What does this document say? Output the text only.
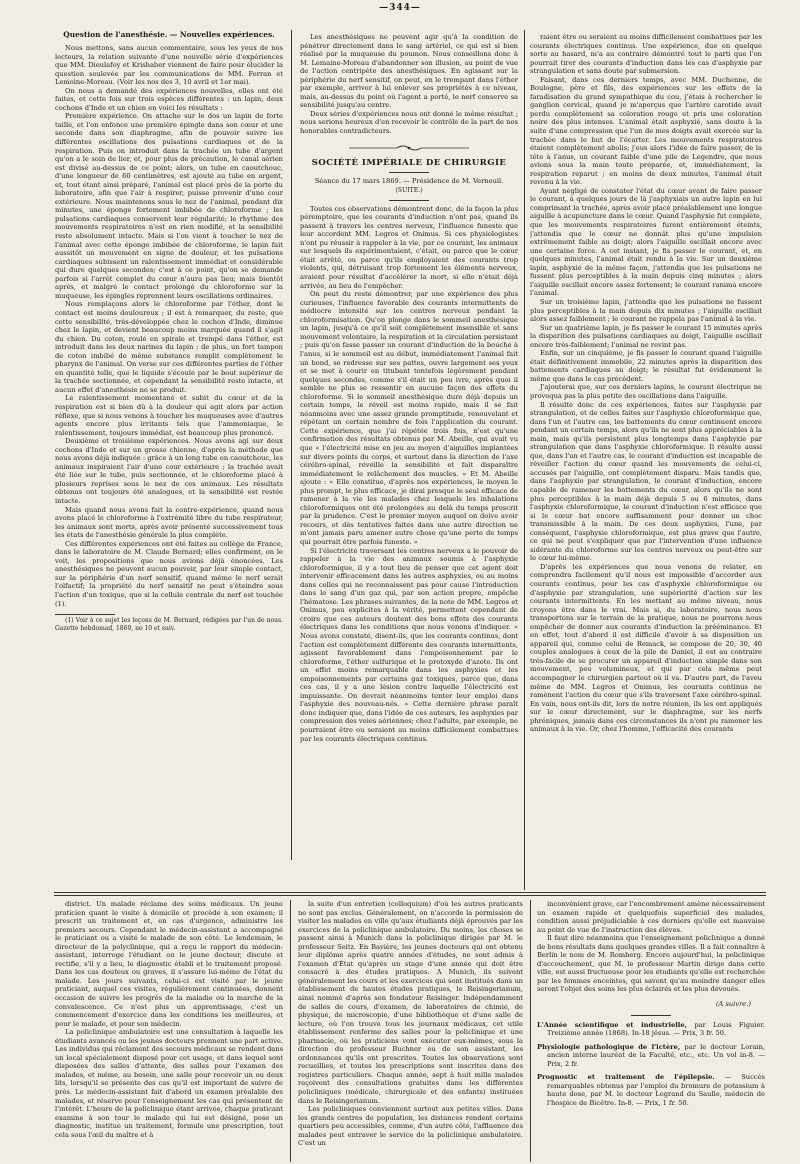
—344—
Question de l'anesthésie. — Nouvelles expériences.

Nous mettons, sans aucun commentaire, sous les yeux de nos lecteurs, la relation suivante d'une nouvelle série d'expériences que MM. Dieulafoy et Krishaber viennent de faire pour élucider la question soulevée par les communications de MM. Ferran et Lemoine-Moreau. (Voir les nos des 3, 10 avril et 1er mai).

On nous a demandé des expériences nouvelles, elles ont été faites, et cette fois sur trois espèces différentes : un lapin, deux cochons d'Inde et un chien en voici les résultats :

Première expérience. On attache sur le dos un lapin de forte taille, et l'on enfonce une première épingle dans son cœur et une seconde dans son diaphragme, afin de pouvoir suivre les différentes oscillations des pulsations cardiaques et de la respiration. Puis on introduit dans la trachée un tube d'argent qu'on a le soin de lier, et, pour plus de précaution, le canal aérien est divisé au-dessus de ce point; alors, un tube en caoutchouc, d'une longueur de 60 centimètres, est ajouté au tube en argent, et, tout étant ainsi préparé, l'animal est placé près de la porte du laboratoire, afin que l'air à respirer, puisse provenir d'une cour extérieure. Nous maintenons sous le nez de l'animal, pendant dix minutes, une éponge fortement imbibée de chloroforme ; les pulsations cardiaques conservent leur régularité; le rhythme des mouvements respiratoires n'est en rien modifié, et la sensibilité reste absolument intacte. Mais si l'on vient à toucher le nez de l'animal avec cette éponge imbibée de chloroforme, le lapin fait aussitôt un mouvement en signe de douleur, et les pulsations cardiaques subissent un ralentissement immédiat et considérable qui dure quelques secondes; c'est à ce point, qu'on se demande parfois si l'arrêt complet du cœur n'aura pas lieu; mais bientôt après, et malgré le contact prolongé du chloroforme sur la muqueuse, les épingles reprennent leurs oscillations ordinaires.

Nous remplaçons alors le chloroforme par l'éther, dont le contact est moins douloureux ; il est à remarquer, du reste, que cette sensibilité, très-développée chez le cochon d'Inde, diminue chez le lapin, et devient beaucoup moins marquée quand il s'agit du chien. Du coton, roulé en spirale et trempé dans l'éther, est introduit dans les deux narines du lapin ; de plus, un fort tampon de coton imbibé de même substance remplit complètement le pharynx de l'animal. On verse sur ces différentes parties de l'éther en quantité telle, que le liquide s'écoule par le bout supérieur de la trachée sectionnée, et cependant la sensibilité reste intacte, et aucun effet d'anesthésie ne se produit.

Le ralentissement momentané et subit du cœur et de la respiration est si bien dû à la douleur qui agit alors par action réflexe, que si nous venons à toucher les muqueuses avec d'autres agents encore plus irritants tels que l'ammoniaque, le ralentissement, toujours immédiat, est beaucoup plus prononcé.

Deuxième et troisième expériences. Nous avons agi sur deux cochons d'Inde et sur un grosse chienne, d'après la méthode que nous avons déjà indiquée : grâce à un long tube en caoutchouc, les animaux inspiraient l'air d'une cour extérieure ; la trachée avait été liée sur le tube, puis sectionnée, et le chloroforme placé à plusieurs reprises sous le nez de ces animaux. Les résultats obtenus ont toujours été analogues, et la sensibilité est restée intacte.

Mais quand nous avons fait la contre-expérience, quand nous avons placé le chloroforme à l'extrémité libre du tube respirateur, les animaux sont morts, après avoir présenté successivement tous les états de l'anesthésie générale la plus complète.

Ces différentes expériences ont été faites au collège de France, dans le laboratoire de M. Claude Bernard; elles confirment, on le voit, les propositions que nous avions déjà énoncées. Les anesthésiques ne peuvent aucun pouvoir, par leur simple contact, sur la périphérie d'un nerf sensitif, quand même le nerf serait l'olfactif; la propriété du nerf sensitif ne peut s'éteindre sous l'action d'un toxique, que si la cellule centrale du nerf est touchée (1).

(1) Voir à ce sujet les leçons de M. Bernard, rédigées par l'un de nous. Gazette hebdomad, 1869, no 10 et suiv.

Les anesthésiques ne peuvent agir qu'à la condition de pénétrer directement dans le sang artériel, ce qui est si bien réalisé par la muqueuse du poumon. Nous conseillons donc à M. Lemaine-Moreau d'abandonner son illusion, au point de vue de l'action centripète des anesthésiques. En agissant sur la périphérie du nerf sensitif, on peut, en le trempant dans l'éther par exemple, arriver à lui enlever ses propriétés à ce niveau, mais, au-dessus du point où l'agent a porté, le nerf conserve sa sensibilité jusqu'au centre.

Deux séries d'expériences nous ont donné le même résultat ; nous serions heureux d'en recevoir le contrôle de la part de nos honorables contradicteurs.

SOCIÉTÉ IMPÉRIALE DE CHIRURGIE

Séance du 17 mars 1869. — Présidence de M. Verneuil.

(SUITE.)

Toutes ces observations démontrent donc, de la façon la plus péremptoire, que les courants d'induction n'ont pas, quand ils passent à travers les centres nerveux, l'influence funeste que leur accordent MM. Legros et Onimus. Si ces physiologistes n'ont pu réussir à rappeler à la vie, par ce courant, les animaux sur lesquels ils expérimentaient, c'était, ou parce que le cœur était arrêté, ou parce qu'ils employaient des courants trop violents, qui, détruisant trop fortement les éléments nerveux, avaient pour résultat d'accélérer la mort, si elle n'était déjà arrivée, au lieu de l'empêcher.

On peut du reste démontrer, par une expérience des plus curieuses, l'influence favorable des courants intermittents de médiocre intensité sur les centres nerveux pendant la chloroformisation. Qu'on plonge dans le sommeil anesthésique un lapin, jusqu'à ce qu'il soit complètement insensible et sans mouvement volontaire, la respiration et la circulation persistant ; puis qu'on fasse passer un courant d'induction de la bouche à l'anus, si le sommeil est au début, immédiatement l'animal fait un bond, se redresse sur ses pattes, ouvre largement ses yeux et se met à courir en titubant tontefois légèrement pendant quelques secondes, comme s'il était un peu ivre, après quoi il semble ne plus se ressentir en aucune façon des effets du chloroforme. Si le sommeil anesthésique dure déjà depuis un certain temps, le réveil est moins rapide, mais il se fait néanmoins avec une assez grande promptitude, renouvelant et répétant un certain nombre de fois l'application du courant. Cette expérience, que j'ai répétée trois fois, n'est qu'une confirmation des résultats obtenus par M. Abeille, qui avait vu que « l'électricité mise en jeu au moyen d'aiguilles implantées sur divers points du corps, et surtout dans la direction de l'axe cérébro-spinal, réveille la sensibilité et fait disparaître immédiatement le relâchement des muscles. » Et M. Abeille ajoute : « Elle constitue, d'après nos expériences, le moyen le plus prompt, le plus efficace, je dirai presque le seul efficace de ramener à la vie les malades chez lesquels les inhalations chloroformiques ont été prolongées au delà du temps prescrit par la prudence. C'est le premier moyen auquel on doive avoir recours, et dès tentatives faites dans une autre direction ne m'ont jamais paru amener autre chose qu'une perte de temps qui pourrait être parfois funeste. »

Si l'électricité traversant les centres nerveux a le pouvoir de rappeler à la vie des animaux soumis à l'asphyxie chloroformique, il y a tout lieu de penser que cet agent doit intervenir efficacement dans les autres asphyxies, ou au moins dans celles qui ne reconnaissent pas pour cause l'introduction dans le sang d'un gaz qui, par son action propre, empêche l'hématose. Les phrases suivantes, de la note de MM. Legros et Onimus, peu explicites à la vérité, permettent cependant de croire que ces auteurs doutent des bons effets des courants électriques dans les conditions que nous venons d'indiquer. « Nous avons constaté, disent-ils, que les courants continus, dont l'action est complètement différente des courants intermittents, agissent favorablement dans l'empoisonnement par le chloroforme, l'éther sulfurique et le protoxyde d'azote. Ils ont un effet moins remarquable dans les asphyxies et les empoisonnements par certains gaz toxiques, parce que, dans ces cas, il y a une lésion contre laquelle l'électricité est impuissante. On devrait néanmoins tenter leur emploi dans l'asphyxie des nouveau-nés. » Cette dernière phrase paraît donc indiquer que, dans l'idée de ces auteurs, les asphyxies par compression des voies aériennes; chez l'adulte, par exemple, ne pourraient être ou seraient au moins difficilement combattues par les courants électriques continus.

raient être ou seraient au moins difficilement combattues par les courants électriques continus. Une expérience, due en quelque sorte au hasard, m'a au contraire démontré tout le parti que l'on pourrait tirer des courants d'induction dans les cas d'asphyxie par strangulation et sans doute par submersion.

Faisant, dans ces derniers temps, avec MM. Duchenne, de Boulogne, père et fils, des expériences sur les effets de la faradisation du grand sympathique du cou, j'étais à rechercher le ganglion cervical, quand je m'aperçus que l'artère carotide avait perdu complètement sa coloration rouge et pris une coloration noire des plus intenses. L'animal était asphyxié, sans doute à la suite d'une compression que l'un de mes doigts avait exercée sur la trachée dans le but de l'écarter. Les mouvements respiratoires étaient complètement abolis; j'eus alors l'idée de faire passer, de la tête à l'anus, un courant faible d'une pile de Legendre, que nous avions sous la main toute préparée, et, immédiatement, la respiration reparut ; en moins de deux minutes, l'animal était revenu à la vie.

Ayant négligé de constater l'état du cœur avant de faire passer le courant, à quelques jours de là j'asphyxiais un autre lapin en lui comprimant la trachée, après avoir placé préalablement une longue aiguille à acupuncture dans le cœur. Quand l'asphyxie fut complète, que les mouvements respiratoires furent entièrement éteints, j'attendis que le cœur ne donnât plus qu'une impulsion extrêmement faible au doigt; alors l'aiguille oscillait encore avec une certaine force. A cet instant, je fis passer le courant, et, en quelques minutes, l'animal était rendu à la vie. Sur un deuxième lapin, asphyxié de la même façon, j'attendis que les pulsations ne fussent plus perceptibles à la main depuis cinq minutes ; alors l'aiguille oscillait encore assez fortement; le courant ranima encore l'animal.

Sur un troisième lapin, j'attendis que les pulsations ne fussent plus perceptibles à la main depuis dix minutes ; l'aiguille oscillait alors assez faiblement ; le courant ne rappela pas l'animal à la vie.

Sur un quatrième lapin, je fis passer le courant 15 minutes après la disparition des pulsations cardiaques au doigt, l'aiguille oscillait encore très-faiblement; l'animal ne revint pas.

Enfin, sur un cinquième, je fis passer le courant quand l'aiguille était définitivement immobile, 22 minutes après la disparition des battements cardiaques au doigt; le résultat fut évidemment le même que dans le cas précédent.

J'ajouterai que, sur ces derniers lapins, le courant électrique ne provoqua pas la plus petite des oscillations dans l'aiguille.

Il résulte donc de ces expériences, faites sur l'asphyxie par strangulation, et de celles faites sur l'asphyxie chloroformique que, dans l'un et l'autre cas, les battements du cœur continuent encore pendant un certain temps, alors qu'ils ne sont plus appréciables à la main, mais qu'ils persistent plus longtemps dans l'asphyxie par strangulation que dans l'asphyxie chloroformique. Il résulte aussi que, dans l'un et l'autre cas, le courant d'induction est incapable de réveiller l'action du cœur quand les mouvements de celui-ci, accusés par l'aiguille, ont complètement disparu. Mais tandis que, dans l'asphyxie par strangulation, le courant d'induction, encore capable de ramener les battements du cœur, alors qu'ils ne sont plus perceptibles à la main déjà depuis 5 ou 6 minutes, dans l'asphyxie chloroformique, le courant d'induction n'est efficace que si le cœur bat encore suffisamment pour donner un choc transmissible à la main. De ces deux asphyxies, l'une, par conséquent, l'asphyxie chloroformique, est plus grave que l'autre, ce qui ne peut s'expliquer que par l'intervention d'une influence sidérante du chloroforme sur les centres nerveux ou peut-être sur le cœur lui-même.

D'après les expériences que nous venons de relater, en comprendra facilement qu'il nous est impossible d'accorder aux courants continus, pour les cas d'asphyxie chloroformique ou d'asphyxie par strangulation, une supériorité d'action sur les courants intermittents. En les mettant au même niveau, nous croyons être dans le vrai. Mais si, du laboratoire, nous nous transportons sur le terrain de la pratique, nous ne pourrons nous empêcher de donner aux courants d'induction la prééminance. Et en effet, tout d'abord il est difficile d'avoir à sa disposition un appareil qui, comme celui de Remack, se compose de 20, 30, 40 couples analogues à ceux de la pile de Daniel, il est au contraire très-facile de se procurer un appareil d'induction simple dans son mouvement, peu volumineux, et qui par cela même peut accompagner le chirurgien partout où il va. D'autre part, de l'aveu même de MM. Legros et Onimus, les courants continus ne ramènent l'action du cœur que s'ils traversent l'axe cérébro-spinal. En vain, nous ont-ils dit, lors de notre réunion, ils les ont appliqués sur le cœur directement, sur le diaphragme, sur les nerfs phréniques, jamais dans ces circonstances ils n'ont pu ramener les animaux à la vie. Or, chez l'homme, l'efficacité des courants

district. Un malade réclame des soins médicaux. Un jeune praticien quant le visite à domicile et procède à son examen; il prescrit un traitement et, en cas d'urgence, administre les premiers secours. Cependant le médecin-assistant a accompagné le praticiant ou a visité le malade de son côté. Le lendemain, le directeur de la polyclinique, qui a reçu le rapport du médecin-assistant, interroge l'étudiant ou le jeune docteur, discute et rectifie, s'il y a lieu, le diagnostic établi et le traitement proposé. Dans les cas douteux ou graves, il s'assure lui-même de l'état du malade. Les jours suivants, celui-ci est visité par le jeune praticiant, auquel ces visites, régulièrement continuées, donnent occasion de suivre les progrès de la maladie ou la marche de la convalescence. Ce n'est plus un apprentissage, c'est un commencement d'exercice dans les conditions les meilleures, et pour le malade, et pour son médecin.

La policlinique ambulatoire est une consultation à laquelle les étudiants avancés ou les jeunes docteurs prennent une part active. Les individus qui réclament des secours médicaux se rendent dans un local spécialement disposé pour cet usage, et dans lequel sont disposées des salles d'attente, des salles pour l'examen des malades, et même, au besoin, une salle pour recevoir un ou deux lits, lorsqu'il se présente des cas qu'il est important de suivre de près. Le médecin-assistant fait d'abord un examen préalable des malades, et réserve pour l'enseignement les cas qui présentent de l'intérêt. L'heure de la policlinique étant arrivée, chaque praticant examine à son tour le malade qui lui est désigné, pose un diagnostic, institue un traitement, formule une prescription, tout cela sous l'œil du maître et à

la suite d'un entretien (colloquium) d'où les autres praticants ne sont pas exclus. Généralement, on n'accorde la permission de visiter les malades en ville qu'aux étudiants déjà éprouvés par les exercices de la policlinique ambulatoire. Du moins, les choses se passent ainsi à Munich dans la policlinique dirigée par M. le professeur Seitz. En Bavière, les jeunes docteurs qui ont obtenu leur diplôme après quatre années d'études, ne sont admis à l'examen d'État qu'après un stage d'une année qui doit être consacré à des études pratiques. A Munich, ils suivent généralement les cours et les exercices qui sont institués dans un établissement de hautes études pratiques, le Reisingerianum, ainsi nommé d'après son fondateur Reisinger. Indépendamment de salles de cours, d'examen, de laboratoires de chimie, de physique, de microscopie, d'une bibliothèque et d'une salle de lecture, où l'on trouve tous les journaux médicaux, cet utile établissement renferme des salles pour la policlinique et une pharmacie, où les praticiens vont exécuter eux-mêmes, sous la direction du professeur Buchner ou de son assistant, les ordonnances qu'ils ont prescrites. Toutes les observations sont recueillies, et toutes les prescriptions sont inscrites dans des registres particuliers. Chaque année, sept à huit mille malades reçoivent des consultations gratuites dans les différentes policliniques (médicale, chirurgicale et des enfants) instituées dans le Reisingerianum.

Les policliniques conviennent surtout aux petites villes. Dans les grands centres de population, les distances rendent certains quartiers peu accessibles, comme, d'un autre côté, l'affluence des malades peut entraver le service de la policlinique ambulatoire. C'est un

inconvénient grave, car l'encombrement amène nécessairement un examen rapide et quelquefois superficiel des malades, condition aussi préjudiciable à ces derniers qu'elle est mauvaise au point de vue de l'instruction des élèves.

Il faut dire néanmoins que l'enseignement policlinique a donné de bons résultats dans quelques grandes villes. Il a fait connaître à Berlin le nom de M. Romberg. Encore aujourd'hui, la policlinique d'accouchement, que M. le professeur Martin dirige dans cette ville, est aussi fructueuse pour les étudiants qu'elle est recherchée par les femmes enceintes, qui savent qu'au moindre danger elles seront l'objet des soins les plus éclairés et les plus dévoués.

(A suivre.)

L'Année scientifique et industrielle, par Louis Figuier. Treizième année (1868). In-18 jésus. — Prix, 3 fr. 50.

Physiologie pathologique de l'ictère, par le docteur Lorain, ancien interne lauréat de la Faculté, etc., etc. Un vol in-8. — Prix, 2 fr.

Prognostic et traitement de l'épilepsie. — Succès remarquables obtenus par l'emploi du bromure de potassium à haute dose, par M. le docteur Legrand du Saulle, médecin de l'hospice de Bicêtre. In-8. — Prix, 1 fr. 50.
